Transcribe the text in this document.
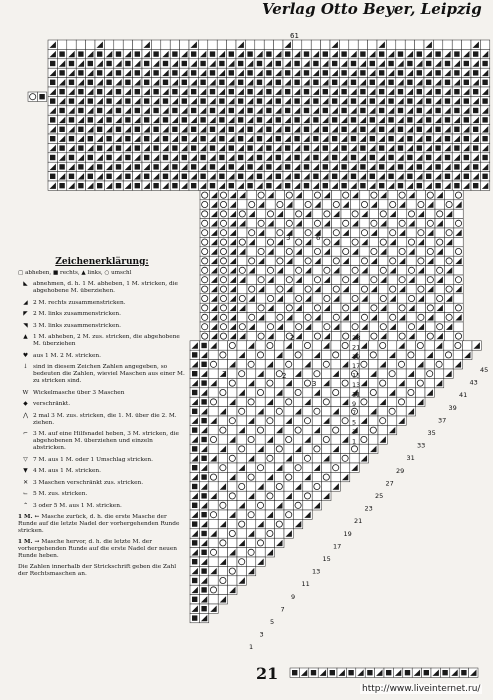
Verlag Otto Beyer, Leipzig
61
45
43
41
39
37
35
33
31
29
27
25
23
21
19
17
15
13
11
9
7
5
3
1
23
21
19
17
15
13
11
9
7
5
3
1
3	6
2
3	2
3
Zeichenerklärung:
▢ abheben, ■ rechts, ▲ links, ○ umschl
◣ abnehmen, d. h. 1 M. abheben, 1 M. stricken, die abgehobene M. überziehen.
◢ 2 M. rechts zusammenstricken.
◤ 2 M. links zusammenstricken.
◥ 3 M. links zusammenstricken.
▲ 1 M. abheben, 2 M. zus. stricken, die abgehobene M. überziehen
♥ aus 1 M. 2 M. stricken.
↓ sind in diesem Zeichen Zahlen angegeben, so bedeuten die Zahlen, wieviel Maschen aus einer M. zu stricken sind.
W Wickelmasche über 3 Maschen
◆ verschränkt.
⋀ 2 mal 3 M. zus. stricken, die 1. M. über die 2. M. ziehen.
⌐ 3 M. auf eine Hilfsnadel heben, 3 M. stricken, die abgehobenen M. überziehen und einzeln abstricken.
▽ 7 M. aus 1 M. oder 1 Umschlag stricken.
▼ 4 M. aus 1 M. stricken.
✕ 3 Maschen verschränkt zus. stricken.
⌙ 5 M. zus. stricken.
⌃ 3 oder 5 M. aus 1 M. stricken.
1 M. ← Masche zurück, d. h. die erste Masche der Runde auf die letzte Nadel der vorhergehenden Runde stricken.
1 M. → Masche hervor, d. h. die letzte M. der vorhergehenden Runde auf die erste Nadel der neuen Runde heben.
Die Zahlen innerhalb der Strickschrift geben die Zahl der Rechtsmaschen an.
21
http://www.liveinternet.ru/
